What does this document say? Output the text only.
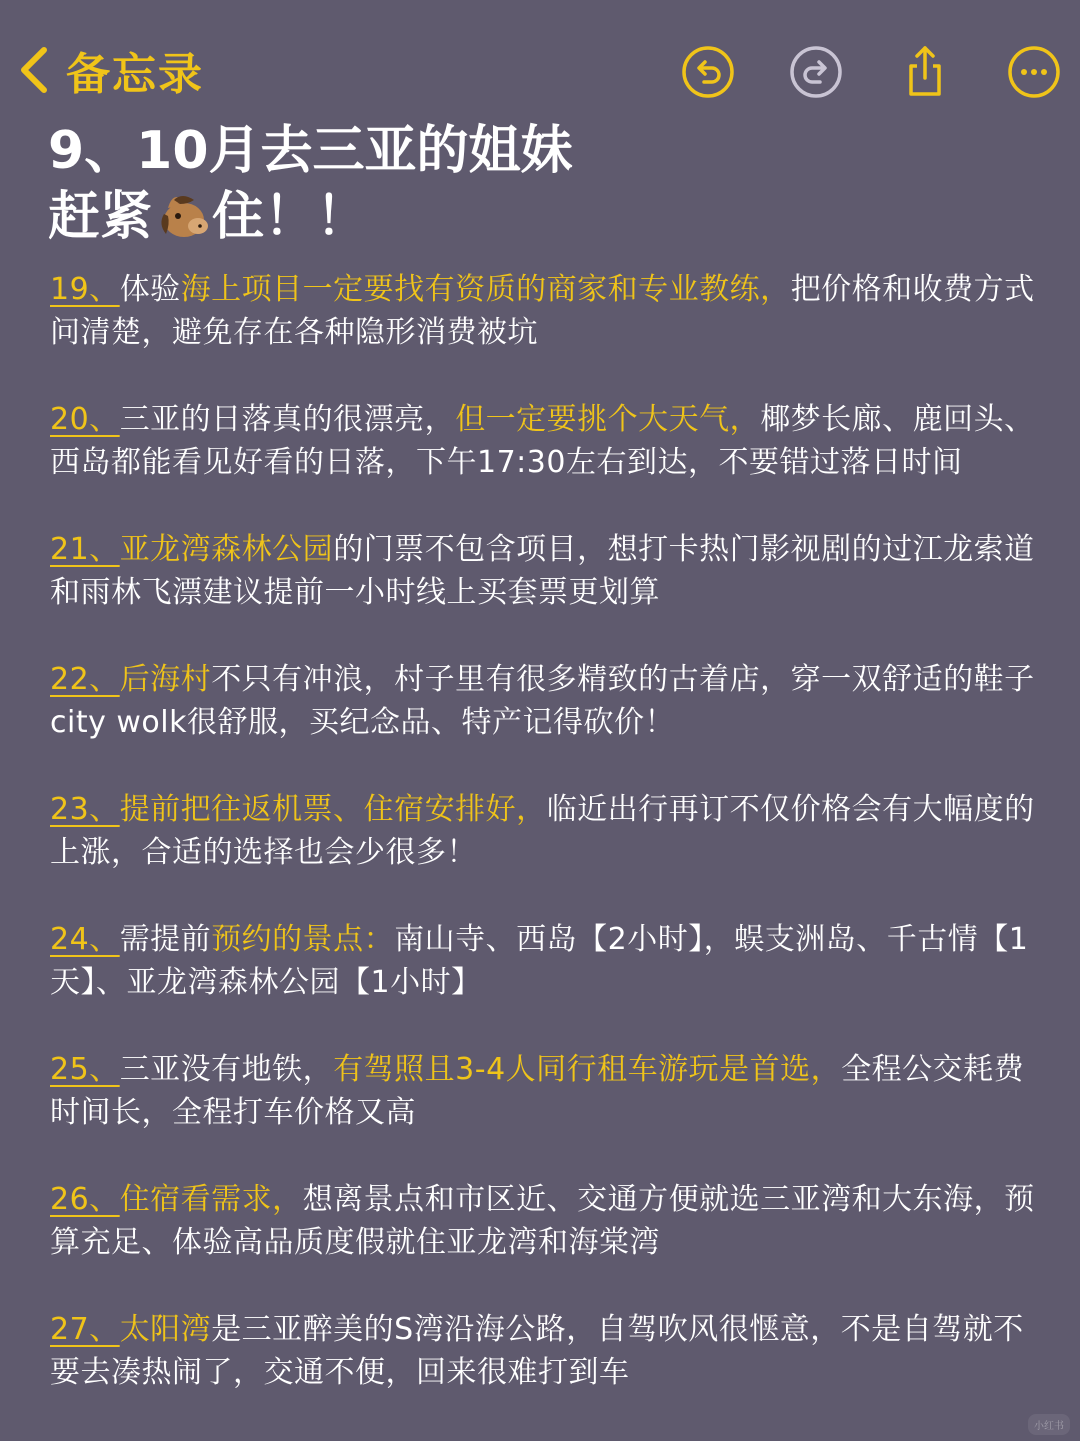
备忘录
9、10月去三亚的姐妹
赶紧 住！！
19、体验海上项目一定要找有资质的商家和专业教练，把价格和收费方式问清楚，避免存在各种隐形消费被坑
20、三亚的日落真的很漂亮，但一定要挑个大天气，椰梦长廊、鹿回头、西岛都能看见好看的日落，下午17:30左右到达，不要错过落日时间
21、亚龙湾森林公园的门票不包含项目，想打卡热门影视剧的过江龙索道和雨林飞漂建议提前一小时线上买套票更划算
22、后海村不只有冲浪，村子里有很多精致的古着店，穿一双舒适的鞋子city wolk很舒服，买纪念品、特产记得砍价！
23、提前把往返机票、住宿安排好，临近出行再订不仅价格会有大幅度的上涨，合适的选择也会少很多！
24、需提前预约的景点：南山寺、西岛【2小时】，蜈支洲岛、千古情【1天】、亚龙湾森林公园【1小时】
25、三亚没有地铁，有驾照且3-4人同行租车游玩是首选，全程公交耗费时间长，全程打车价格又高
26、住宿看需求，想离景点和市区近、交通方便就选三亚湾和大东海，预算充足、体验高品质度假就住亚龙湾和海棠湾
27、太阳湾是三亚醉美的S湾沿海公路，自驾吹风很惬意，不是自驾就不要去凑热闹了，交通不便，回来很难打到车
小红书
